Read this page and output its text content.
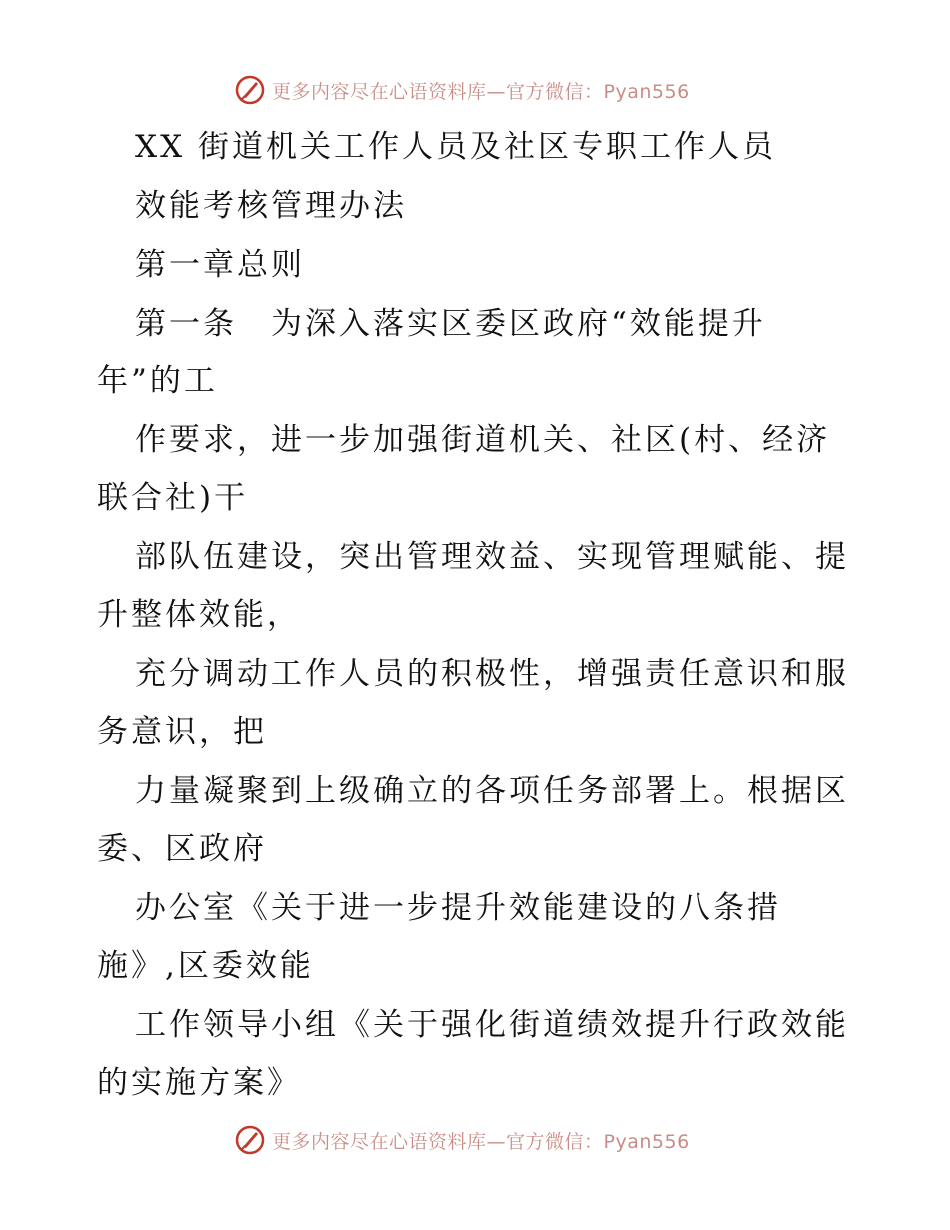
更多内容尽在心语资料库—官方微信：Pyan556
XX 街道机关工作人员及社区专职工作人员
效能考核管理办法
第一章总则
第一条　为深入落实区委区政府“效能提升
年”的工
作要求，进一步加强街道机关、社区(村、经济
联合社)干
部队伍建设，突出管理效益、实现管理赋能、提
升整体效能，
充分调动工作人员的积极性，增强责任意识和服
务意识，把
力量凝聚到上级确立的各项任务部署上。根据区
委、区政府
办公室《关于进一步提升效能建设的八条措
施》,区委效能
工作领导小组《关于强化街道绩效提升行政效能
的实施方案》
更多内容尽在心语资料库—官方微信：Pyan556
